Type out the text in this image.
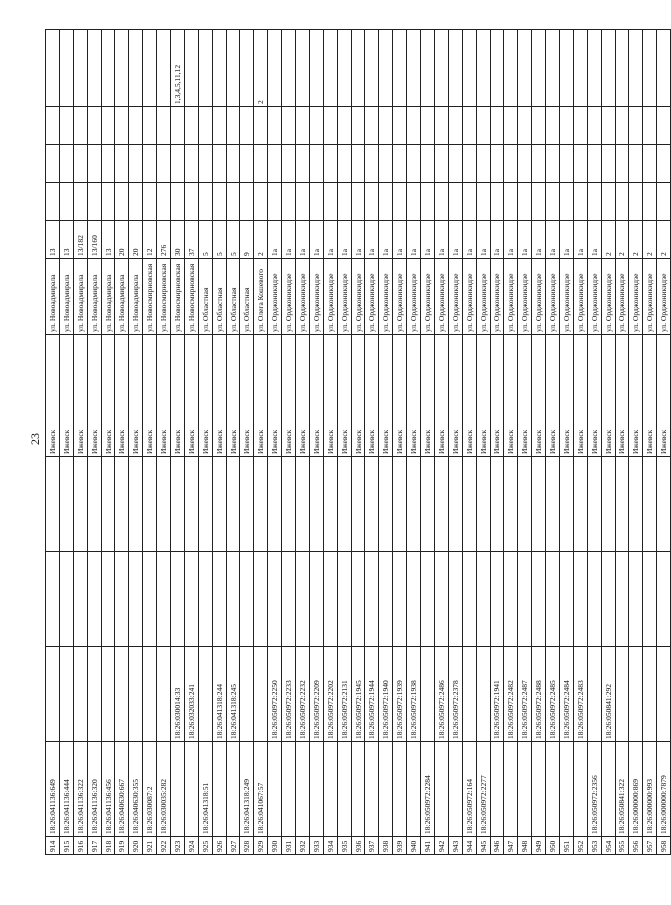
23
914	18:26:041136:649				Ижевск	ул. Новоадмирала	13				
915	18:26:041136:444				Ижевск	ул. Новоадмирала	13				
916	18:26:041136:322				Ижевск	ул. Новоадмирала	13/182				
917	18:26:041136:320				Ижевск	ул. Новоадмирала	13/160				
918	18:26:041136:456				Ижевск	ул. Новоадмирала	13				
919	18:26:040630:667				Ижевск	ул. Новоадмирала	20				
920	18:26:040630:355				Ижевск	ул. Новоадмирала	20				
921	18:26:030087:2				Ижевск	ул. Новосмирновская	12				
922	18:26:030035:282				Ижевск	ул. Новосмирновская	276				
923		18:26:030014:33			Ижевск	ул. Новосмирновская	30				1,3,4,5,11,12
924		18:26:032033:241			Ижевск	ул. Новосмирновская	37				
925	18:26:041318:51				Ижевск	ул. Областная	5				
926		18:26:041318:244			Ижевск	ул. Областная	5				
927		18:26:041318:245			Ижевск	ул. Областная	5				
928	18:26:041318:249				Ижевск	ул. Областная	9				
929	18:26:041067:57				Ижевск	ул. Олега Кошевого	2				2
930		18:26:050972:2250			Ижевск	ул. Орджоникидзе	1а				
931		18:26:050972:2233			Ижевск	ул. Орджоникидзе	1а				
932		18:26:050972:2232			Ижевск	ул. Орджоникидзе	1а				
933		18:26:050972:2209			Ижевск	ул. Орджоникидзе	1а				
934		18:26:050972:2202			Ижевск	ул. Орджоникидзе	1а				
935		18:26:050972:2131			Ижевск	ул. Орджоникидзе	1а				
936		18:26:050972:1945			Ижевск	ул. Орджоникидзе	1а				
937		18:26:050972:1944			Ижевск	ул. Орджоникидзе	1а				
938		18:26:050972:1940			Ижевск	ул. Орджоникидзе	1а				
939		18:26:050972:1939			Ижевск	ул. Орджоникидзе	1а				
940		18:26:050972:1938			Ижевск	ул. Орджоникидзе	1а				
941	18:26:050972:2284				Ижевск	ул. Орджоникидзе	1а				
942		18:26:050972:2486			Ижевск	ул. Орджоникидзе	1а				
943		18:26:050972:2378			Ижевск	ул. Орджоникидзе	1а				
944	18:26:050972:164				Ижевск	ул. Орджоникидзе	1а				
945	18:26:050972:2277				Ижевск	ул. Орджоникидзе	1а				
946		18:26:050972:1941			Ижевск	ул. Орджоникидзе	1а				
947		18:26:050972:2482			Ижевск	ул. Орджоникидзе	1а				
948		18:26:050972:2487			Ижевск	ул. Орджоникидзе	1а				
949		18:26:050972:2488			Ижевск	ул. Орджоникидзе	1а				
950		18:26:050972:2485			Ижевск	ул. Орджоникидзе	1а				
951		18:26:050972:2484			Ижевск	ул. Орджоникидзе	1а				
952		18:26:050972:2483			Ижевск	ул. Орджоникидзе	1а				
953	18:26:050972:2356				Ижевск	ул. Орджоникидзе	1а				
954		18:26:050841:292			Ижевск	ул. Орджоникидзе	2				
955	18:26:050841:322				Ижевск	ул. Орджоникидзе	2				
956	18:26:000000:869				Ижевск	ул. Орджоникидзе	2				
957	18:26:000000:993				Ижевск	ул. Орджоникидзе	2				
958	18:26:000000:7879				Ижевск	ул. Орджоникидзе	2				
